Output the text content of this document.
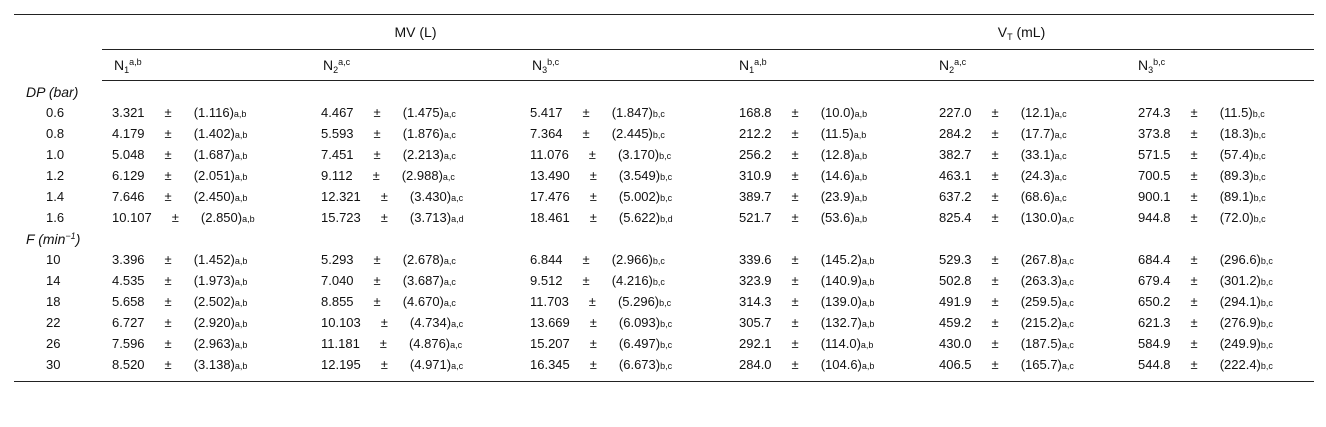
	MV (L)			$V_T$ (mL)		
	$N_1^{a,b}$	$N_2^{a,c}$	$N_3^{b,c}$	$N_1^{a,b}$	$N_2^{a,c}$	$N_3^{b,c}$
DP (bar)						
0.6	3.321 ± (1.116) a,b	4.467 ± (1.475) a,c	5.417 ± (1.847) b,c	168.8 ± (10.0) a,b	227.0 ± (12.1) a,c	274.3 ± (11.5) b,c

0.8	4.179 ± (1.402) a,b	5.593 ± (1.876) a,c	7.364 ± (2.445) b,c	212.2 ± (11.5) a,b	284.2 ± (17.7) a,c	373.8 ± (18.3) b,c

1.0	5.048 ± (1.687) a,b	7.451 ± (2.213) a,c	11.076 ± (3.170) b,c	256.2 ± (12.8) a,b	382.7 ± (33.1) a,c	571.5 ± (57.4) b,c

1.2	6.129 ± (2.051) a,b	9.112 ± (2.988) a,c	13.490 ± (3.549) b,c	310.9 ± (14.6) a,b	463.1 ± (24.3) a,c	700.5 ± (89.3) b,c

1.4	7.646 ± (2.450) a,b	12.321 ± (3.430) a,c	17.476 ± (5.002) b,c	389.7 ± (23.9) a,b	637.2 ± (68.6) a,c	900.1 ± (89.1) b,c

1.6	10.107 ± (2.850) a,b	15.723 ± (3.713) a,d	18.461 ± (5.622) b,d	521.7 ± (53.6) a,b	825.4 ± (130.0) a,c	944.8 ± (72.0) b,c

F $(\min^{-1})$						
10	3.396 ± (1.452) a,b	5.293 ± (2.678) a,c	6.844 ± (2.966) b,c	339.6 ± (145.2) a,b	529.3 ± (267.8) a,c	684.4 ± (296.6) b,c

14	4.535 ± (1.973) a,b	7.040 ± (3.687) a,c	9.512 ± (4.216) b,c	323.9 ± (140.9) a,b	502.8 ± (263.3) a,c	679.4 ± (301.2) b,c

18	5.658 ± (2.502) a,b	8.855 ± (4.670) a,c	11.703 ± (5.296) b,c	314.3 ± (139.0) a,b	491.9 ± (259.5) a,c	650.2 ± (294.1) b,c

22	6.727 ± (2.920) a,b	10.103 ± (4.734) a,c	13.669 ± (6.093) b,c	305.7 ± (132.7) a,b	459.2 ± (215.2) a,c	621.3 ± (276.9) b,c

26	7.596 ± (2.963) a,b	11.181 ± (4.876) a,c	15.207 ± (6.497) b,c	292.1 ± (114.0) a,b	430.0 ± (187.5) a,c	584.9 ± (249.9) b,c

30	8.520 ± (3.138) a,b	12.195 ± (4.971) a,c	16.345 ± (6.673) b,c	284.0 ± (104.6) a,b	406.5 ± (165.7) a,c	544.8 ± (222.4) b,c
